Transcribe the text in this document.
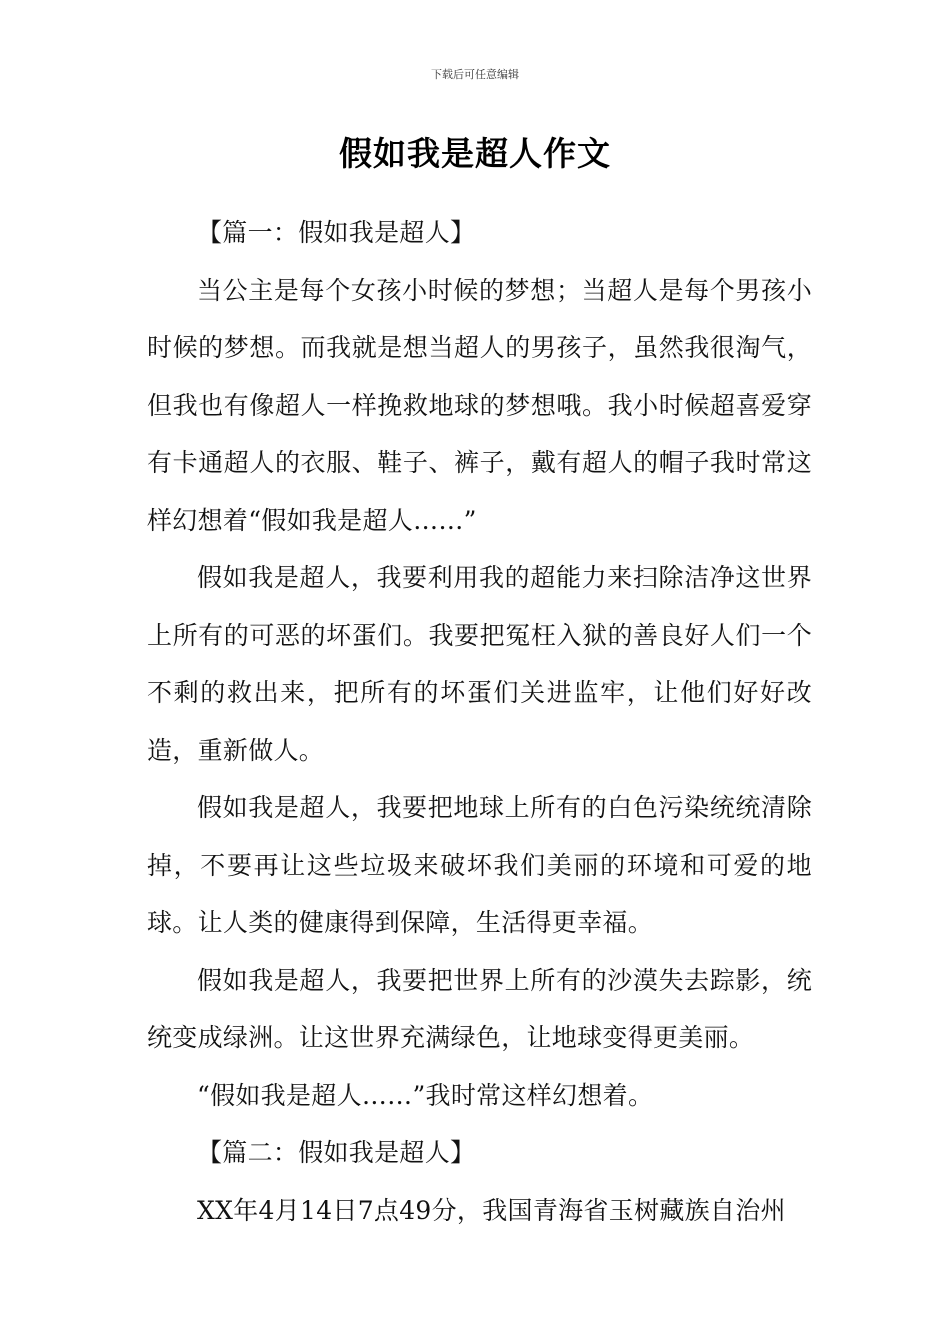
下载后可任意编辑
假如我是超人作文

【篇一：假如我是超人】

当公主是每个女孩小时候的梦想；当超人是每个男孩小时候的梦想。而我就是想当超人的男孩子，虽然我很淘气，但我也有像超人一样挽救地球的梦想哦。我小时候超喜爱穿有卡通超人的衣服、鞋子、裤子，戴有超人的帽子我时常这样幻想着“假如我是超人……”

假如我是超人，我要利用我的超能力来扫除洁净这世界上所有的可恶的坏蛋们。我要把冤枉入狱的善良好人们一个不剩的救出来，把所有的坏蛋们关进监牢，让他们好好改造，重新做人。

假如我是超人，我要把地球上所有的白色污染统统清除掉，不要再让这些垃圾来破坏我们美丽的环境和可爱的地球。让人类的健康得到保障，生活得更幸福。

假如我是超人，我要把世界上所有的沙漠失去踪影，统统变成绿洲。让这世界充满绿色，让地球变得更美丽。

“假如我是超人……”我时常这样幻想着。

【篇二：假如我是超人】

XX年4月14日7点49分，我国青海省玉树藏族自治州
